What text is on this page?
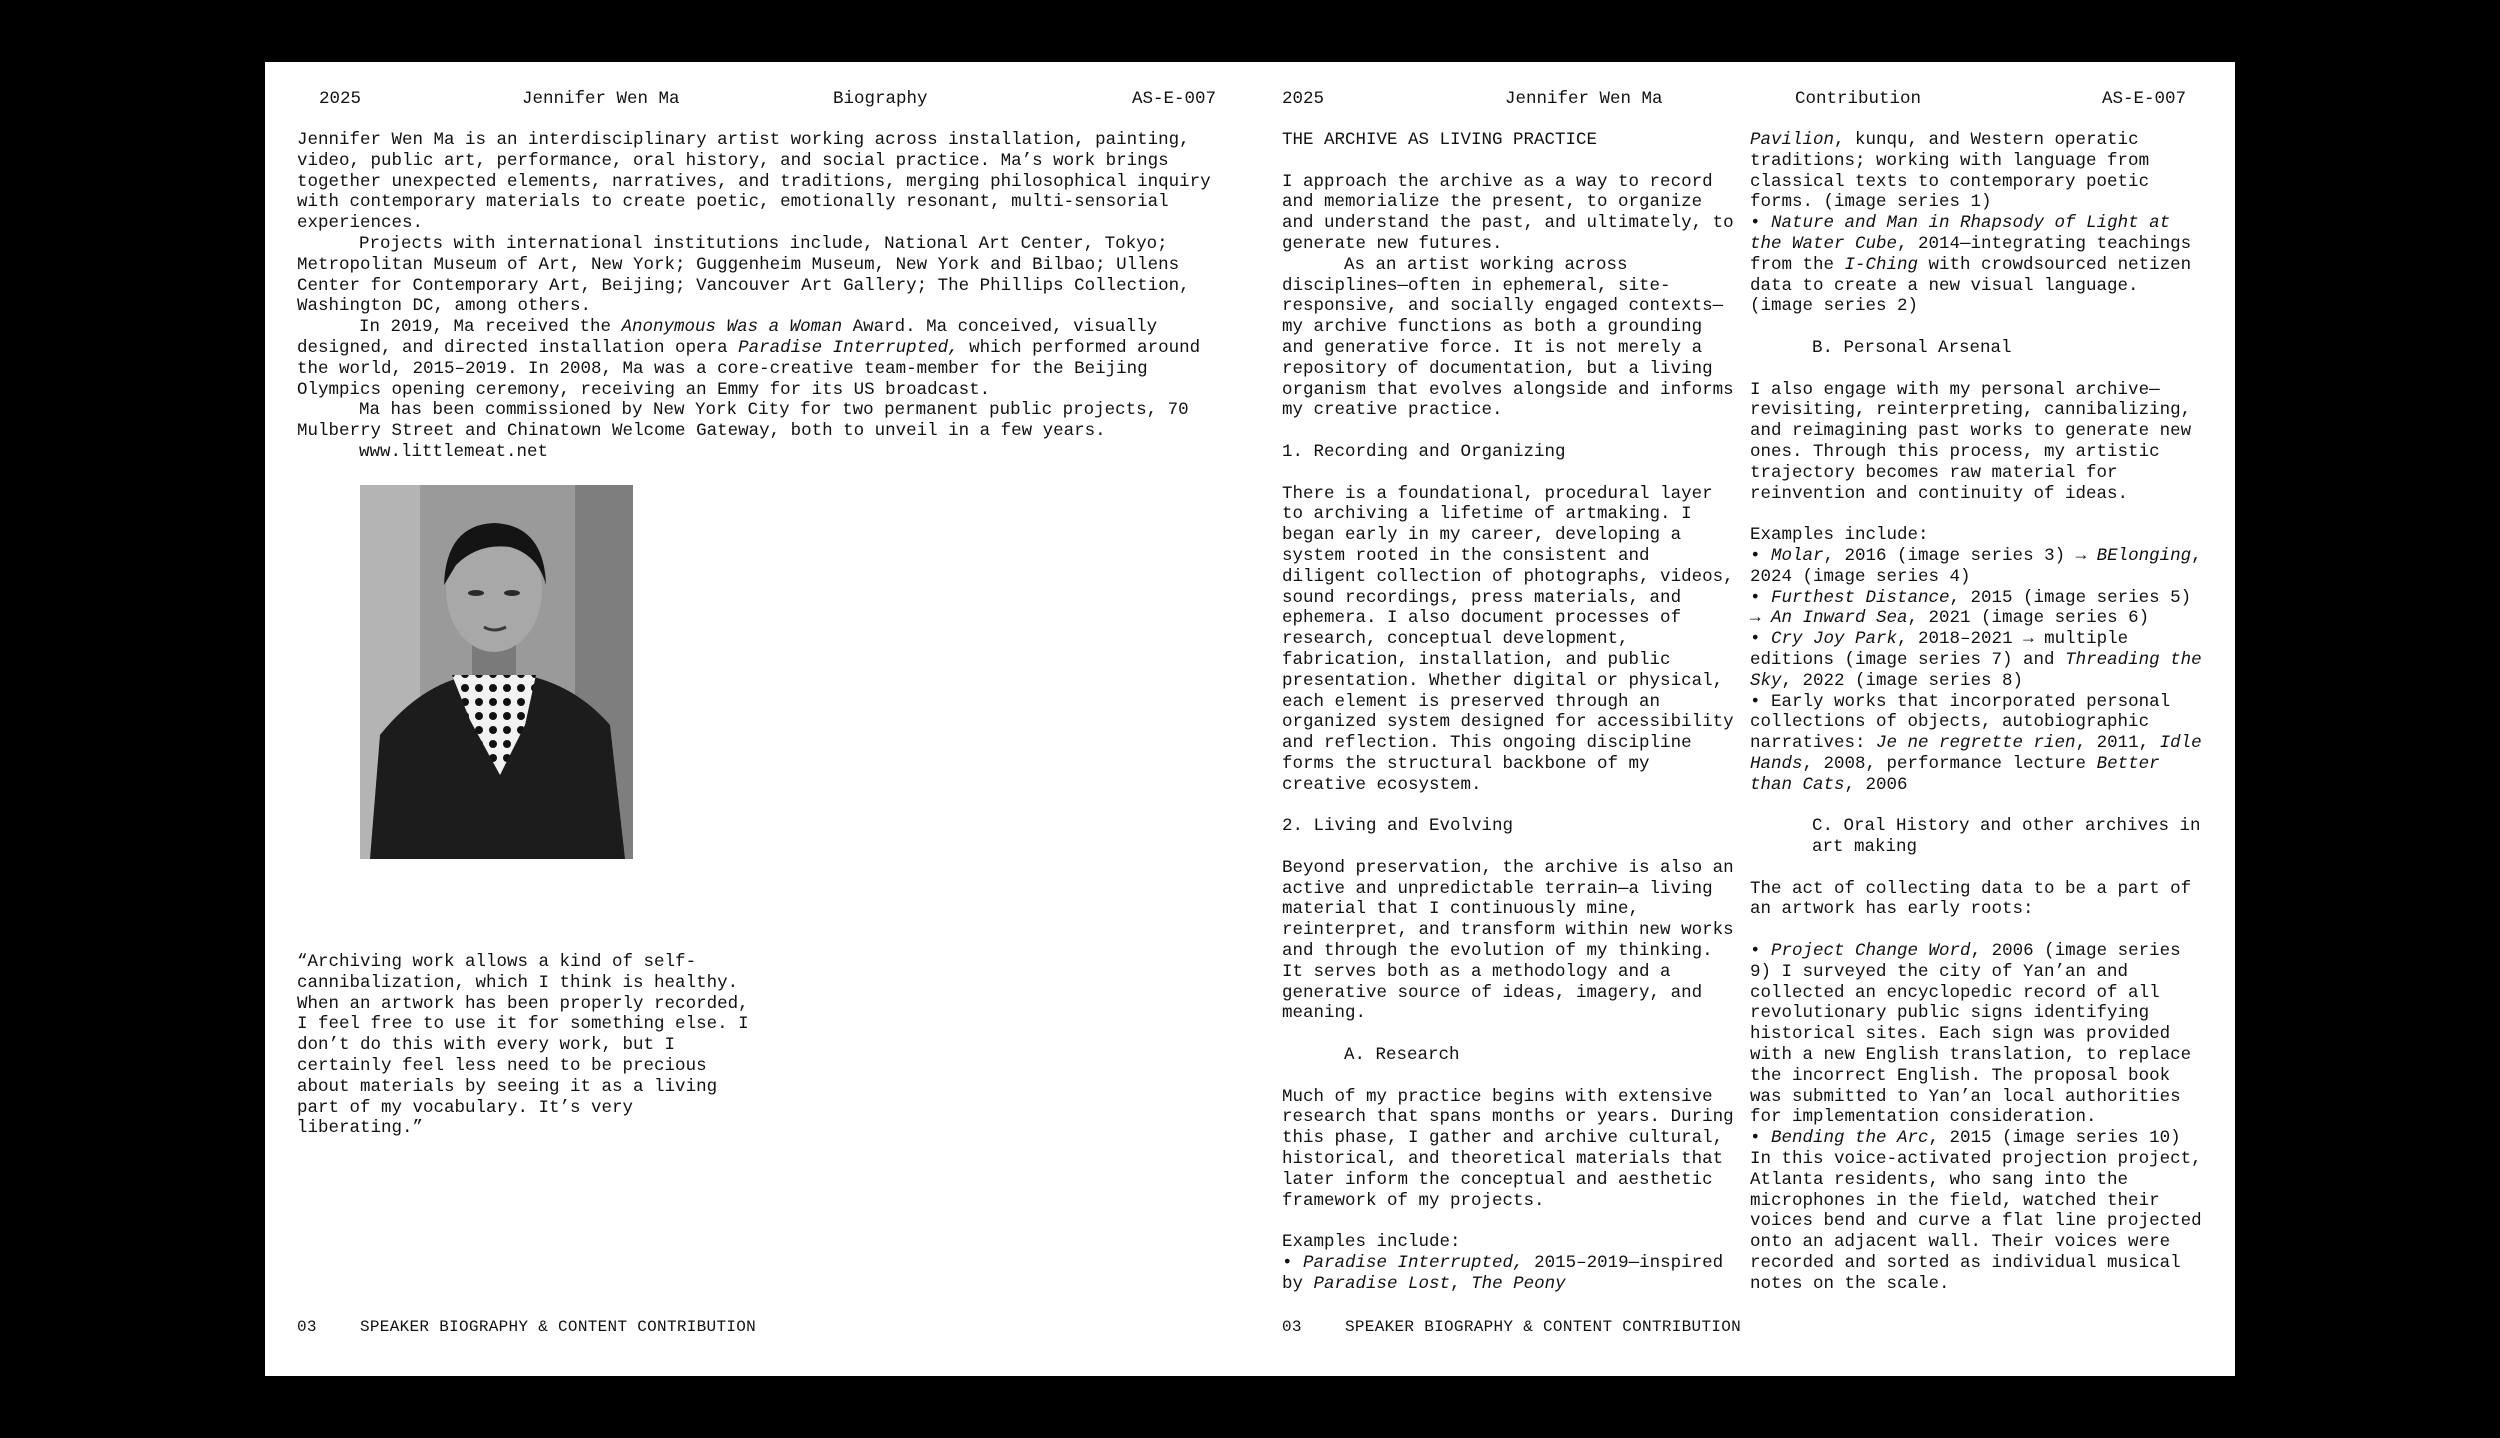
2025	Jennifer Wen Ma	Biography	AS-E-007

Jennifer Wen Ma is an interdisciplinary artist working across installation, painting, video, public art, performance, oral history, and social practice. Ma’s work brings together unexpected elements, narratives, and traditions, merging philosophical inquiry with contemporary materials to create poetic, emotionally resonant, multi-sensorial experiences.

Projects with international institutions include, National Art Center, Tokyo; Metropolitan Museum of Art, New York; Guggenheim Museum, New York and Bilbao; Ullens Center for Contemporary Art, Beijing; Vancouver Art Gallery; The Phillips Collection, Washington DC, among others.

In 2019, Ma received the Anonymous Was a Woman Award. Ma conceived, visually designed, and directed installation opera Paradise Interrupted, which performed around the world, 2015–2019. In 2008, Ma was a core-creative team-member for the Beijing Olympics opening ceremony, receiving an Emmy for its US broadcast.

Ma has been commissioned by New York City for two permanent public projects, 70 Mulberry Street and Chinatown Welcome Gateway, both to unveil in a few years.

www.littlemeat.net

“Archiving work allows a kind of self-cannibalization, which I think is healthy. When an artwork has been properly recorded, I feel free to use it for something else. I don’t do this with every work, but I certainly feel less need to be precious about materials by seeing it as a living part of my vocabulary. It’s very liberating.”

03	SPEAKER BIOGRAPHY & CONTENT CONTRIBUTION
2025	Jennifer Wen Ma	Contribution	AS-E-007

THE ARCHIVE AS LIVING PRACTICE

I approach the archive as a way to record and memorialize the present, to organize and understand the past, and ultimately, to generate new futures.

As an artist working across disciplines—often in ephemeral, site-responsive, and socially engaged contexts—my archive functions as both a grounding and generative force. It is not merely a repository of documentation, but a living organism that evolves alongside and informs my creative practice.

1. Recording and Organizing

There is a foundational, procedural layer to archiving a lifetime of artmaking. I began early in my career, developing a system rooted in the consistent and diligent collection of photographs, videos, sound recordings, press materials, and ephemera. I also document processes of research, conceptual development, fabrication, installation, and public presentation. Whether digital or physical, each element is preserved through an organized system designed for accessibility and reflection. This ongoing discipline forms the structural backbone of my creative ecosystem.

2. Living and Evolving

Beyond preservation, the archive is also an active and unpredictable terrain—a living material that I continuously mine, reinterpret, and transform within new works and through the evolution of my thinking. It serves both as a methodology and a generative source of ideas, imagery, and meaning.

A. Research

Much of my practice begins with extensive research that spans months or years. During this phase, I gather and archive cultural, historical, and theoretical materials that later inform the conceptual and aesthetic framework of my projects.

Examples include:

• Paradise Interrupted, 2015–2019—inspired by Paradise Lost, The Peony

Pavilion, kunqu, and Western operatic traditions; working with language from classical texts to contemporary poetic forms. (image series 1)

• Nature and Man in Rhapsody of Light at the Water Cube, 2014—integrating teachings from the I-Ching with crowdsourced netizen data to create a new visual language. (image series 2)

B. Personal Arsenal

I also engage with my personal archive—revisiting, reinterpreting, cannibalizing, and reimagining past works to generate new ones. Through this process, my artistic trajectory becomes raw material for reinvention and continuity of ideas.

Examples include:

• Molar, 2016 (image series 3) → BElonging, 2024 (image series 4)

• Furthest Distance, 2015 (image series 5) → An Inward Sea, 2021 (image series 6)

• Cry Joy Park, 2018–2021 → multiple editions (image series 7) and Threading the Sky, 2022 (image series 8)

• Early works that incorporated personal collections of objects, autobiographic narratives: Je ne regrette rien, 2011, Idle Hands, 2008, performance lecture Better than Cats, 2006

C. Oral History and other archives in art making

The act of collecting data to be a part of an artwork has early roots:

• Project Change Word, 2006 (image series 9) I surveyed the city of Yan’an and collected an encyclopedic record of all revolutionary public signs identifying historical sites. Each sign was provided with a new English translation, to replace the incorrect English. The proposal book was submitted to Yan’an local authorities for implementation consideration.

• Bending the Arc, 2015 (image series 10) In this voice-activated projection project, Atlanta residents, who sang into the microphones in the field, watched their voices bend and curve a flat line projected onto an adjacent wall. Their voices were recorded and sorted as individual musical notes on the scale.

03	SPEAKER BIOGRAPHY & CONTENT CONTRIBUTION
